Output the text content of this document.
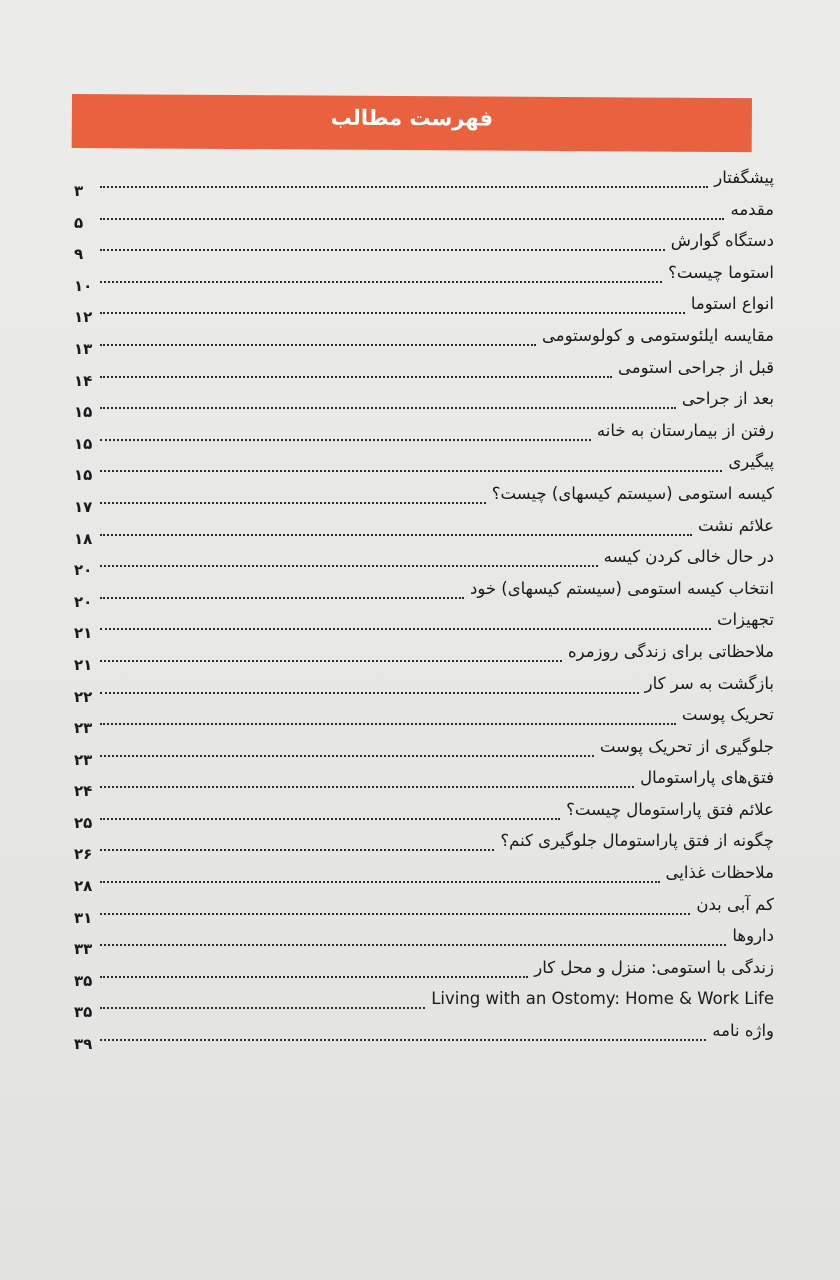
فهرست مطالب
۳
پیشگفتار
۵
مقدمه
۹
دستگاه گوارش
۱۰
استوما چیست؟
۱۲
انواع استوما
۱۳
مقایسه ایلئوستومی و کولوستومی
۱۴
قبل از جراحی استومی
۱۵
بعد از جراحی
۱۵
رفتن از بیمارستان به خانه
۱۵
پیگیری
۱۷
کیسه استومی (سیستم کیسهای) چیست؟
۱۸
علائم نشت
۲۰
در حال خالی کردن کیسه
۲۰
انتخاب کیسه استومی (سیستم کیسهای) خود
۲۱
تجهیزات
۲۱
ملاحظاتی برای زندگی روزمره
۲۲
بازگشت به سر کار
۲۳
تحریک پوست
۲۳
جلوگیری از تحریک پوست
۲۴
فتق‌های پاراستومال
۲۵
علائم فتق پاراستومال چیست؟
۲۶
چگونه از فتق پاراستومال جلوگیری کنم؟
۲۸
ملاحظات غذایی
۳۱
کم آبی بدن
۳۳
داروها
۳۵
زندگی با استومی: منزل و محل کار
۳۵
Living with an Ostomy: Home & Work Life
۳۹
واژه نامه
